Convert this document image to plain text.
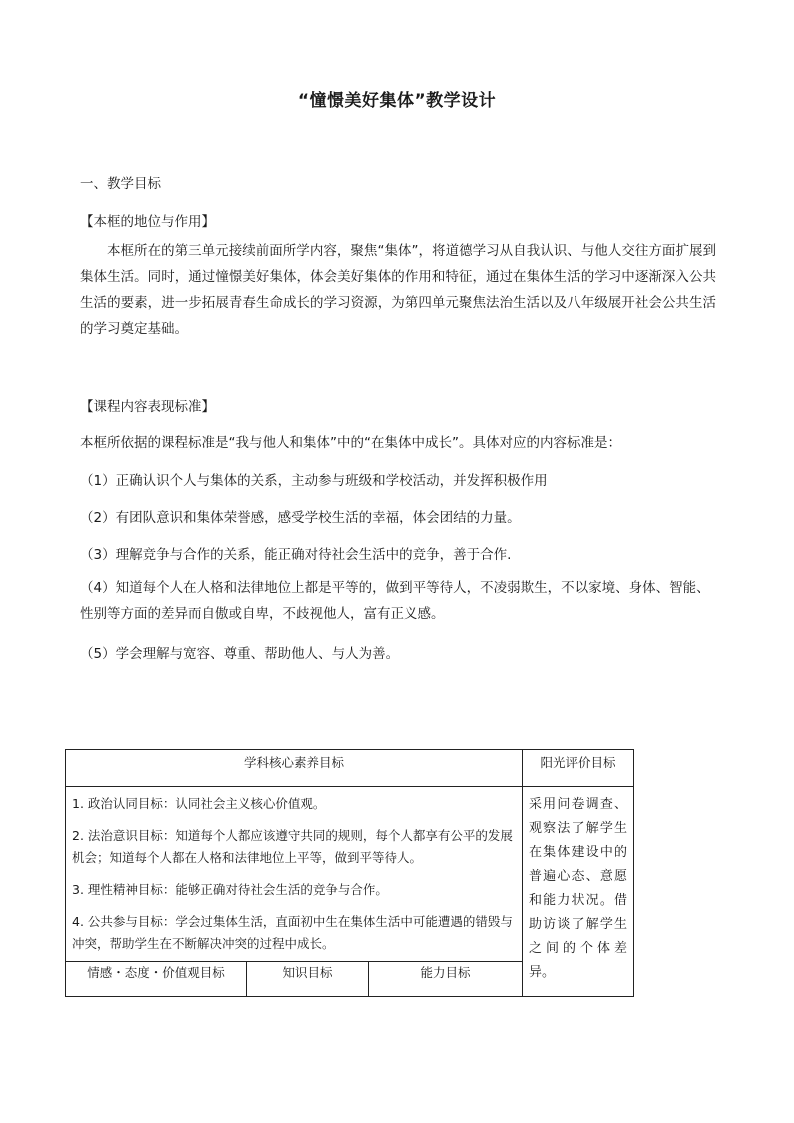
“憧憬美好集体”教学设计
一、教学目标
【本框的地位与作用】
本框所在的第三单元接续前面所学内容，聚焦“集体”，将道德学习从自我认识、与他人交往方面扩展到集体生活。同时，通过憧憬美好集体，体会美好集体的作用和特征，通过在集体生活的学习中逐渐深入公共生活的要素，进一步拓展青春生命成长的学习资源，为第四单元聚焦法治生活以及八年级展开社会公共生活的学习奠定基础。
【课程内容表现标准】
本框所依据的课程标准是“我与他人和集体”中的“在集体中成长”。具体对应的内容标准是：
（1）正确认识个人与集体的关系，主动参与班级和学校活动，并发挥积极作用
（2）有团队意识和集体荣誉感，感受学校生活的幸福，体会团结的力量。
（3）理解竞争与合作的关系，能正确对待社会生活中的竞争，善于合作.
（4）知道每个人在人格和法律地位上都是平等的，做到平等待人，不凌弱欺生，不以家境、身体、智能、性别等方面的差异而自傲或自卑，不歧视他人，富有正义感。
（5）学会理解与宽容、尊重、帮助他人、与人为善。
学科核心素养目标			阳光评价目标

1. 政治认同目标：认同社会主义核心价值观。
2. 法治意识目标：知道每个人都应该遵守共同的规则，每个人都享有公平的发展机会；知道每个人都在人格和法律地位上平等，做到平等待人。
3. 理性精神目标：能够正确对待社会生活的竞争与合作。
4. 公共参与目标：学会过集体生活，直面初中生在集体生活中可能遭遇的错毁与冲突，帮助学生在不断解决冲突的过程中成长。			采用问卷调查、观察法了解学生在集体建设中的普遍心态、意愿和能力状况。借助访谈了解学生之间的个体差异。
情感・态度・价值观目标	知识目标	能力目标	
